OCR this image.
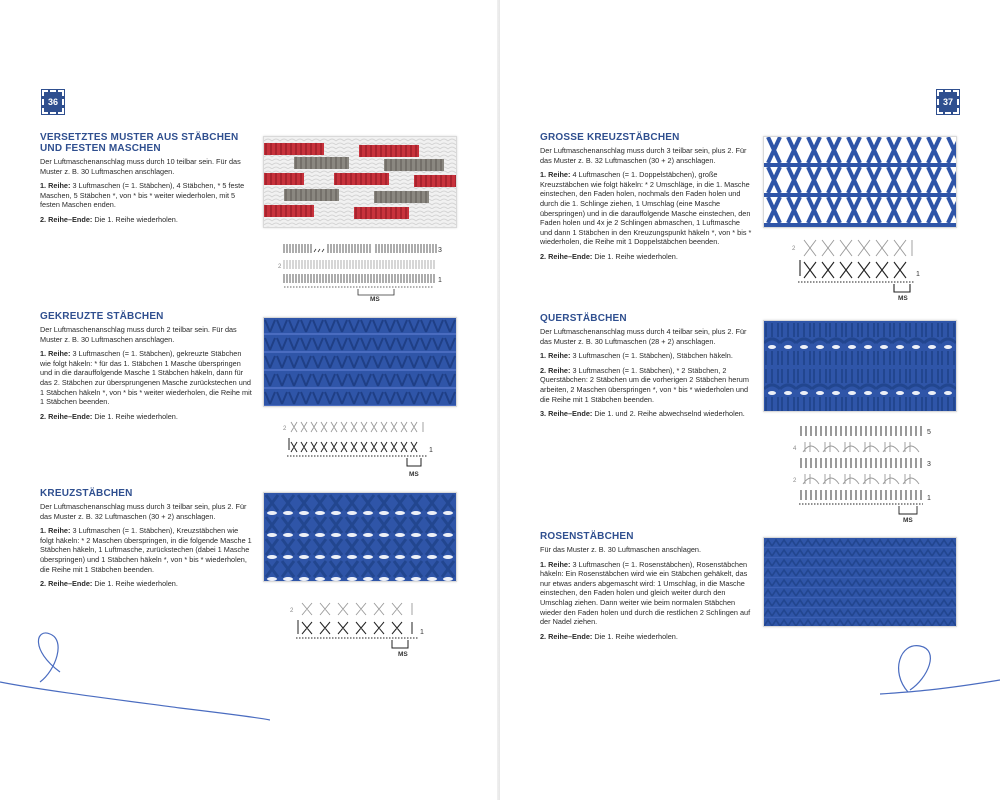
36
VERSETZTES MUSTER AUS STÄBCHEN UND FESTEN MASCHEN

Der Luftmaschenanschlag muss durch 10 teilbar sein. Für das Muster z. B. 30 Luftmaschen anschlagen.

1. Reihe: 3 Luftmaschen (= 1. Stäbchen), 4 Stäbchen, * 5 feste Maschen, 5 Stäbchen *, von * bis * weiter wiederholen, mit 5 festen Maschen enden.

2. Reihe–Ende: Die 1. Reihe wiederholen.

3
2
1
MS
GEKREUZTE STÄBCHEN

Der Luftmaschenanschlag muss durch 2 teilbar sein. Für das Muster z. B. 30 Luftmaschen anschlagen.

1. Reihe: 3 Luftmaschen (= 1. Stäbchen), gekreuzte Stäbchen wie folgt häkeln: * für das 1. Stäbchen 1 Masche überspringen und in die darauffolgende Masche 1 Stäbchen häkeln, dann für das 2. Stäbchen zur übersprungenen Masche zurückstechen und 1 Stäbchen häkeln *, von * bis * weiter wiederholen, die Reihe mit 1 Stäbchen beenden.

2. Reihe–Ende: Die 1. Reihe wiederholen.

2
1
MS
KREUZSTÄBCHEN

Der Luftmaschenanschlag muss durch 3 teilbar sein, plus 2. Für das Muster z. B. 32 Luftmaschen (30 + 2) anschlagen.

1. Reihe: 3 Luftmaschen (= 1. Stäbchen), Kreuzstäbchen wie folgt häkeln: * 2 Maschen überspringen, in die folgende Masche 1 Stäbchen häkeln, 1 Luftmasche, zurückstechen (dabei 1 Masche überspringen) und 1 Stäbchen häkeln *, von * bis * wiederholen, die Reihe mit 1 Stäbchen beenden.

2. Reihe–Ende: Die 1. Reihe wiederholen.

2
1
MS
37
GROSSE KREUZSTÄBCHEN

Der Luftmaschenanschlag muss durch 3 teilbar sein, plus 2. Für das Muster z. B. 32 Luftmaschen (30 + 2) anschlagen.

1. Reihe: 4 Luftmaschen (= 1. Doppelstäbchen), große Kreuzstäbchen wie folgt häkeln: * 2 Umschläge, in die 1. Masche einstechen, den Faden holen, nochmals den Faden holen und durch die 1. Schlinge ziehen, 1 Umschlag (eine Masche überspringen) und in die darauffolgende Masche einstechen, den Faden holen und 4x je 2 Schlingen abmaschen, 1 Luftmasche und dann 1 Stäbchen in den Kreuzungspunkt häkeln *, von * bis * wiederholen, die Reihe mit 1 Doppelstäbchen beenden.

2. Reihe–Ende: Die 1. Reihe wiederholen.

2
1
MS
QUERSTÄBCHEN

Der Luftmaschenanschlag muss durch 4 teilbar sein, plus 2. Für das Muster z. B. 30 Luftmaschen (28 + 2) anschlagen.

1. Reihe: 3 Luftmaschen (= 1. Stäbchen), Stäbchen häkeln.

2. Reihe: 3 Luftmaschen (= 1. Stäbchen), * 2 Stäbchen, 2 Querstäbchen: 2 Stäbchen um die vorherigen 2 Stäbchen herum arbeiten, 2 Maschen überspringen *, von * bis * wiederholen und die Reihe mit 1 Stäbchen beenden.

3. Reihe–Ende: Die 1. und 2. Reihe abwechselnd wiederholen.

5
4
3
2
1
MS
ROSENSTÄBCHEN

Für das Muster z. B. 30 Luftmaschen anschlagen.

1. Reihe: 3 Luftmaschen (= 1. Rosenstäbchen), Rosenstäbchen häkeln: Ein Rosenstäbchen wird wie ein Stäbchen gehäkelt, das nur etwas anders abgemascht wird: 1 Umschlag, in die Masche einstechen, den Faden holen und gleich weiter durch den Umschlag ziehen. Dann weiter wie beim normalen Stäbchen wieder den Faden holen und durch die restlichen 2 Schlingen auf der Nadel ziehen.

2. Reihe–Ende: Die 1. Reihe wiederholen.
